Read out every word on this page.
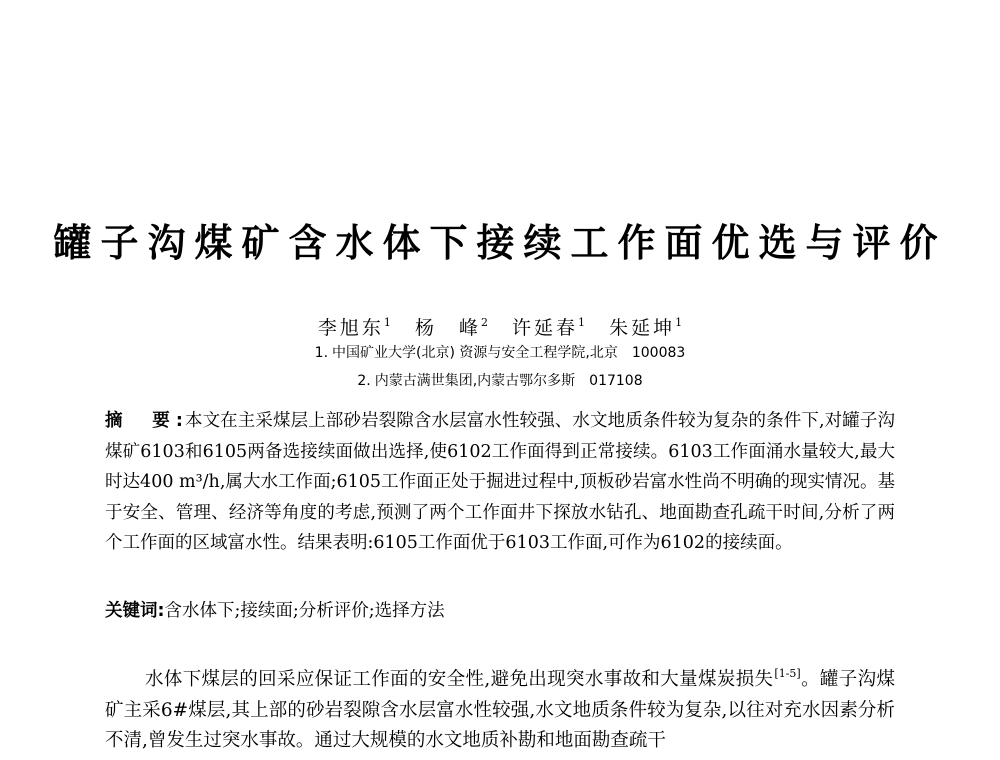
罐子沟煤矿含水体下接续工作面优选与评价
李旭东$^1$ 杨　峰$^2$ 许延春$^1$ 朱延坤$^1$
1. 中国矿业大学(北京) 资源与安全工程学院,北京　100083
2. 内蒙古满世集团,内蒙古鄂尔多斯　017108
摘　要: 本文在主采煤层上部砂岩裂隙含水层富水性较强、水文地质条件较为复杂的条件下,对罐子沟煤矿6103和6105两备选接续面做出选择,使6102工作面得到正常接续。6103工作面涌水量较大,最大时达400 m³/h,属大水工作面;6105工作面正处于掘进过程中,顶板砂岩富水性尚不明确的现实情况。基于安全、管理、经济等角度的考虑,预测了两个工作面井下探放水钻孔、地面勘查孔疏干时间,分析了两个工作面的区域富水性。结果表明:6105工作面优于6103工作面,可作为6102的接续面。
关键词:含水体下;接续面;分析评价;选择方法
水体下煤层的回采应保证工作面的安全性,避免出现突水事故和大量煤炭损失[1-5]。罐子沟煤矿主采6#煤层,其上部的砂岩裂隙含水层富水性较强,水文地质条件较为复杂,以往对充水因素分析不清,曾发生过突水事故。通过大规模的水文地质补勘和地面勘查疏干
